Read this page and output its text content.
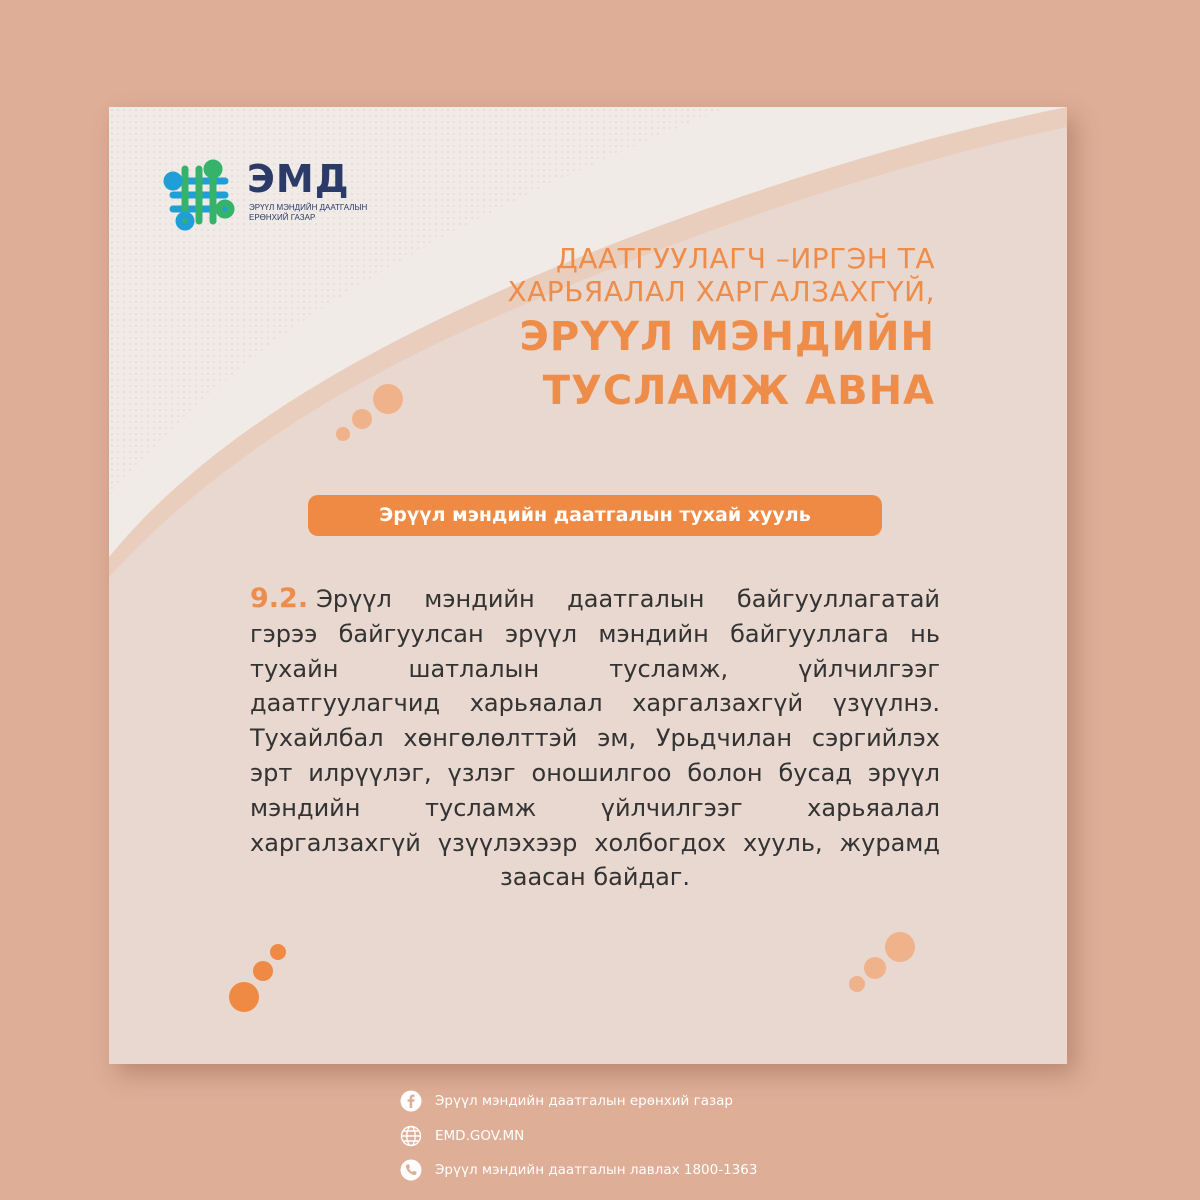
ЭМД
ЭРҮҮЛ МЭНДИЙН ДААТГАЛЫН ЕРӨНХИЙ ГАЗАР
ДААТГУУЛАГЧ –ИРГЭН ТА
ХАРЬЯАЛАЛ ХАРГАЛЗАХГҮЙ,
ЭРҮҮЛ МЭНДИЙН
ТУСЛАМЖ АВНА
Эрүүл мэндийн даатгалын тухай хууль
9.2. Эрүүл мэндийн даатгалын байгууллагатай гэрээ байгуулсан эрүүл мэндийн байгууллага нь тухайн шатлалын тусламж, үйлчилгээг даатгуулагчид харьяалал харгалзахгүй үзүүлнэ. Тухайлбал хөнгөлөлттэй эм, Урьдчилан сэргийлэх эрт илрүүлэг, үзлэг оношилгоо болон бусад эрүүл мэндийн тусламж үйлчилгээг харьяалал харгалзахгүй үзүүлэхээр холбогдох хууль, журамд заасан байдаг.
Эрүүл мэндийн даатгалын ерөнхий газар
EMD.GOV.MN
Эрүүл мэндийн даатгалын лавлах 1800-1363
